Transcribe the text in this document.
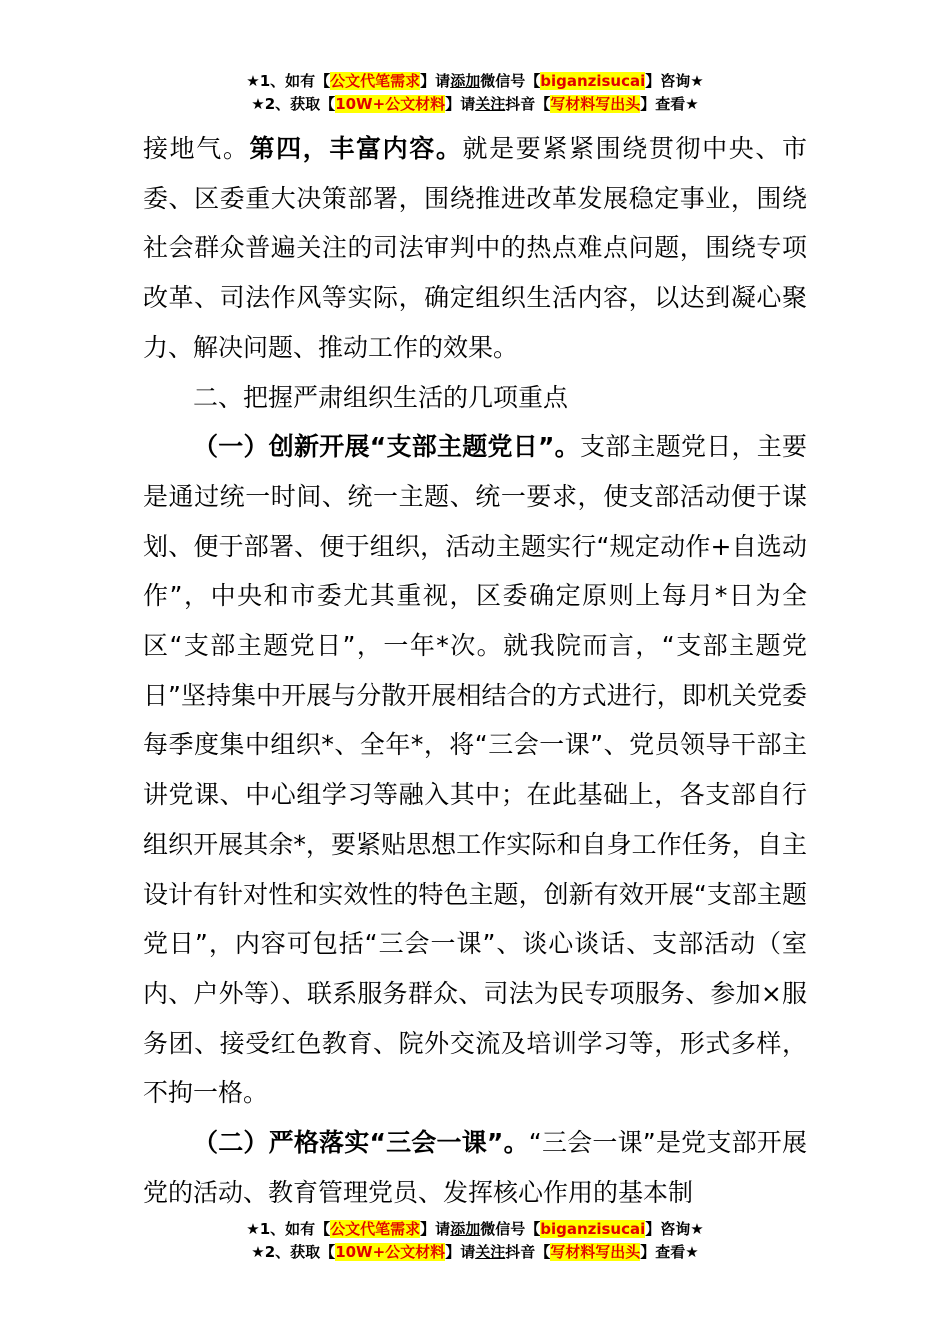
★1、如有【公文代笔需求】请添加微信号【biganzisucai】咨询★
★2、获取【10W+公文材料】请关注抖音【写材料写出头】查看★

接地气。第四，丰富内容。就是要紧紧围绕贯彻中央、市委、区委重大决策部署，围绕推进改革发展稳定事业，围绕社会群众普遍关注的司法审判中的热点难点问题，围绕专项改革、司法作风等实际，确定组织生活内容，以达到凝心聚力、解决问题、推动工作的效果。

二、把握严肃组织生活的几项重点

（一）创新开展“支部主题党日”。支部主题党日，主要是通过统一时间、统一主题、统一要求，使支部活动便于谋划、便于部署、便于组织，活动主题实行“规定动作+自选动作”，中央和市委尤其重视，区委确定原则上每月*日为全区“支部主题党日”，一年*次。就我院而言，“支部主题党日”坚持集中开展与分散开展相结合的方式进行，即机关党委每季度集中组织*、全年*，将“三会一课”、党员领导干部主讲党课、中心组学习等融入其中；在此基础上，各支部自行组织开展其余*，要紧贴思想工作实际和自身工作任务，自主设计有针对性和实效性的特色主题，创新有效开展“支部主题党日”，内容可包括“三会一课”、谈心谈话、支部活动（室内、户外等）、联系服务群众、司法为民专项服务、参加×服务团、接受红色教育、院外交流及培训学习等，形式多样，不拘一格。

（二）严格落实“三会一课”。“三会一课”是党支部开展党的活动、教育管理党员、发挥核心作用的基本制

★1、如有【公文代笔需求】请添加微信号【biganzisucai】咨询★
★2、获取【10W+公文材料】请关注抖音【写材料写出头】查看★
